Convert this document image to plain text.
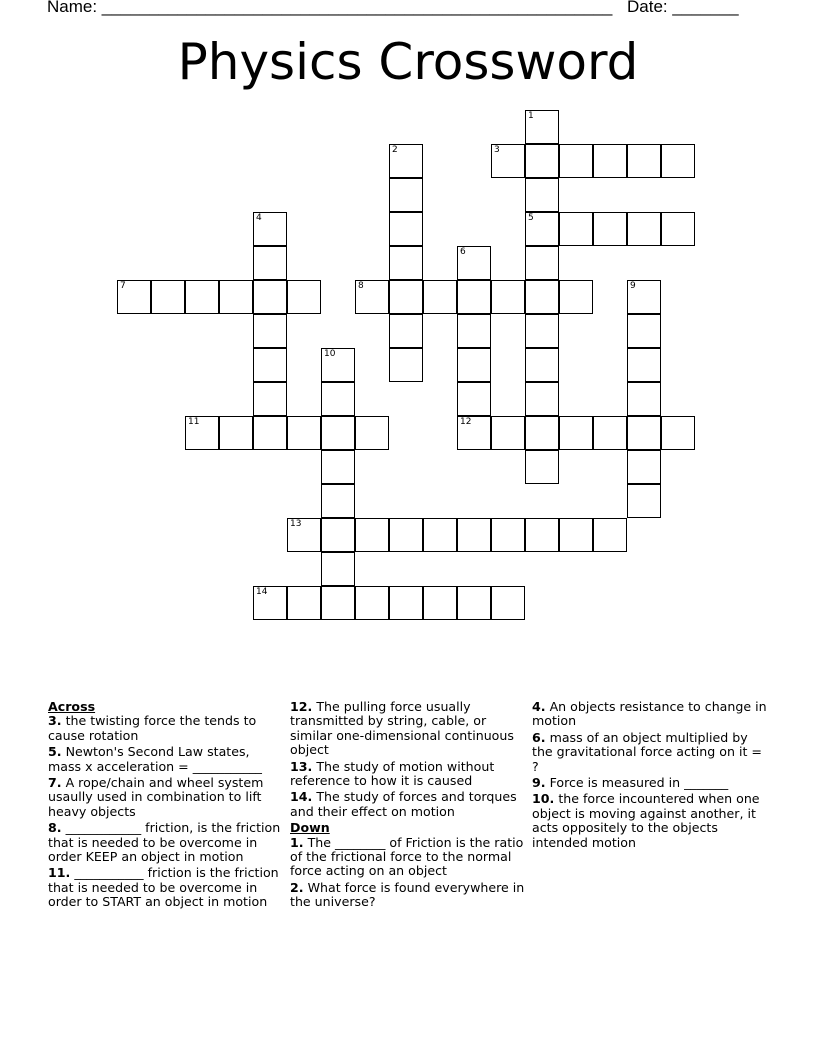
Name: ______________________________________________________ Date: _______
Physics Crossword
3
5
7	8
11	12
13
14
1
2
4
6
9
10
Across
3. the twisting force the tends to cause rotation
5. Newton's Second Law states, mass x acceleration = ___________
7. A rope/chain and wheel system usaully used in combination to lift heavy objects
8. ____________ friction, is the friction that is needed to be overcome in order KEEP an object in motion
11. ___________ friction is the friction that is needed to be overcome in order to START an object in motion
12. The pulling force usually transmitted by string, cable, or similar one-dimensional continuous object
13. The study of motion without reference to how it is caused
14. The study of forces and torques and their effect on motion
Down
1. The ________ of Friction is the ratio of the frictional force to the normal force acting on an object
2. What force is found everywhere in the universe?
4. An objects resistance to change in motion
6. mass of an object multiplied by the gravitational force acting on it = ?
9. Force is measured in _______
10. the force incountered when one object is moving against another, it acts oppositely to the objects intended motion
